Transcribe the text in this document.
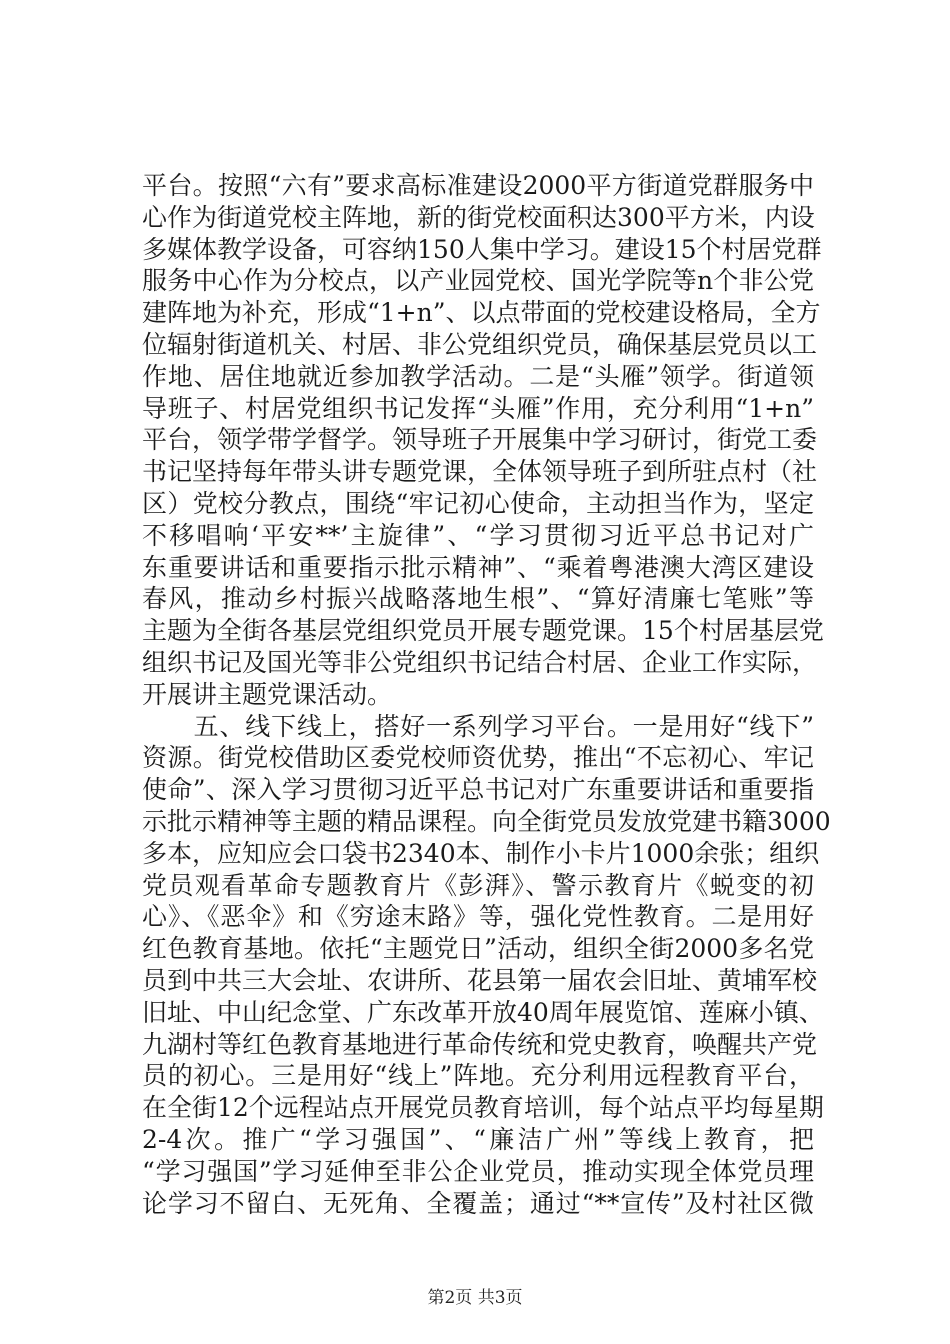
平台。按照“六有”要求高标准建设2000平方街道党群服务中
心作为街道党校主阵地，新的街党校面积达300平方米，内设
多媒体教学设备，可容纳150人集中学习。建设15个村居党群
服务中心作为分校点，以产业园党校、国光学院等n个非公党
建阵地为补充，形成“1+n”、以点带面的党校建设格局，全方
位辐射街道机关、村居、非公党组织党员，确保基层党员以工
作地、居住地就近参加教学活动。二是“头雁”领学。街道领
导班子、村居党组织书记发挥“头雁”作用，充分利用“1+n”
平台，领学带学督学。领导班子开展集中学习研讨，街党工委
书记坚持每年带头讲专题党课，全体领导班子到所驻点村（社
区）党校分教点，围绕“牢记初心使命，主动担当作为，坚定
不移唱响‘平安**’主旋律”、“学习贯彻习近平总书记对广
东重要讲话和重要指示批示精神”、“乘着粤港澳大湾区建设
春风，推动乡村振兴战略落地生根”、“算好清廉七笔账”等
主题为全街各基层党组织党员开展专题党课。15个村居基层党
组织书记及国光等非公党组织书记结合村居、企业工作实际，
开展讲主题党课活动。
　　五、线下线上，搭好一系列学习平台。一是用好“线下”
资源。街党校借助区委党校师资优势，推出“不忘初心、牢记
使命”、深入学习贯彻习近平总书记对广东重要讲话和重要指
示批示精神等主题的精品课程。向全街党员发放党建书籍3000
多本，应知应会口袋书2340本、制作小卡片1000余张；组织
党员观看革命专题教育片《彭湃》、警示教育片《蜕变的初
心》、《恶伞》和《穷途末路》等，强化党性教育。二是用好
红色教育基地。依托“主题党日”活动，组织全街2000多名党
员到中共三大会址、农讲所、花县第一届农会旧址、黄埔军校
旧址、中山纪念堂、广东改革开放40周年展览馆、莲麻小镇、
九湖村等红色教育基地进行革命传统和党史教育，唤醒共产党
员的初心。三是用好“线上”阵地。充分利用远程教育平台，
在全街12个远程站点开展党员教育培训，每个站点平均每星期
2-4次。推广“学习强国”、“廉洁广州”等线上教育，把
“学习强国”学习延伸至非公企业党员，推动实现全体党员理
论学习不留白、无死角、全覆盖；通过“**宣传”及村社区微
第2页 共3页
